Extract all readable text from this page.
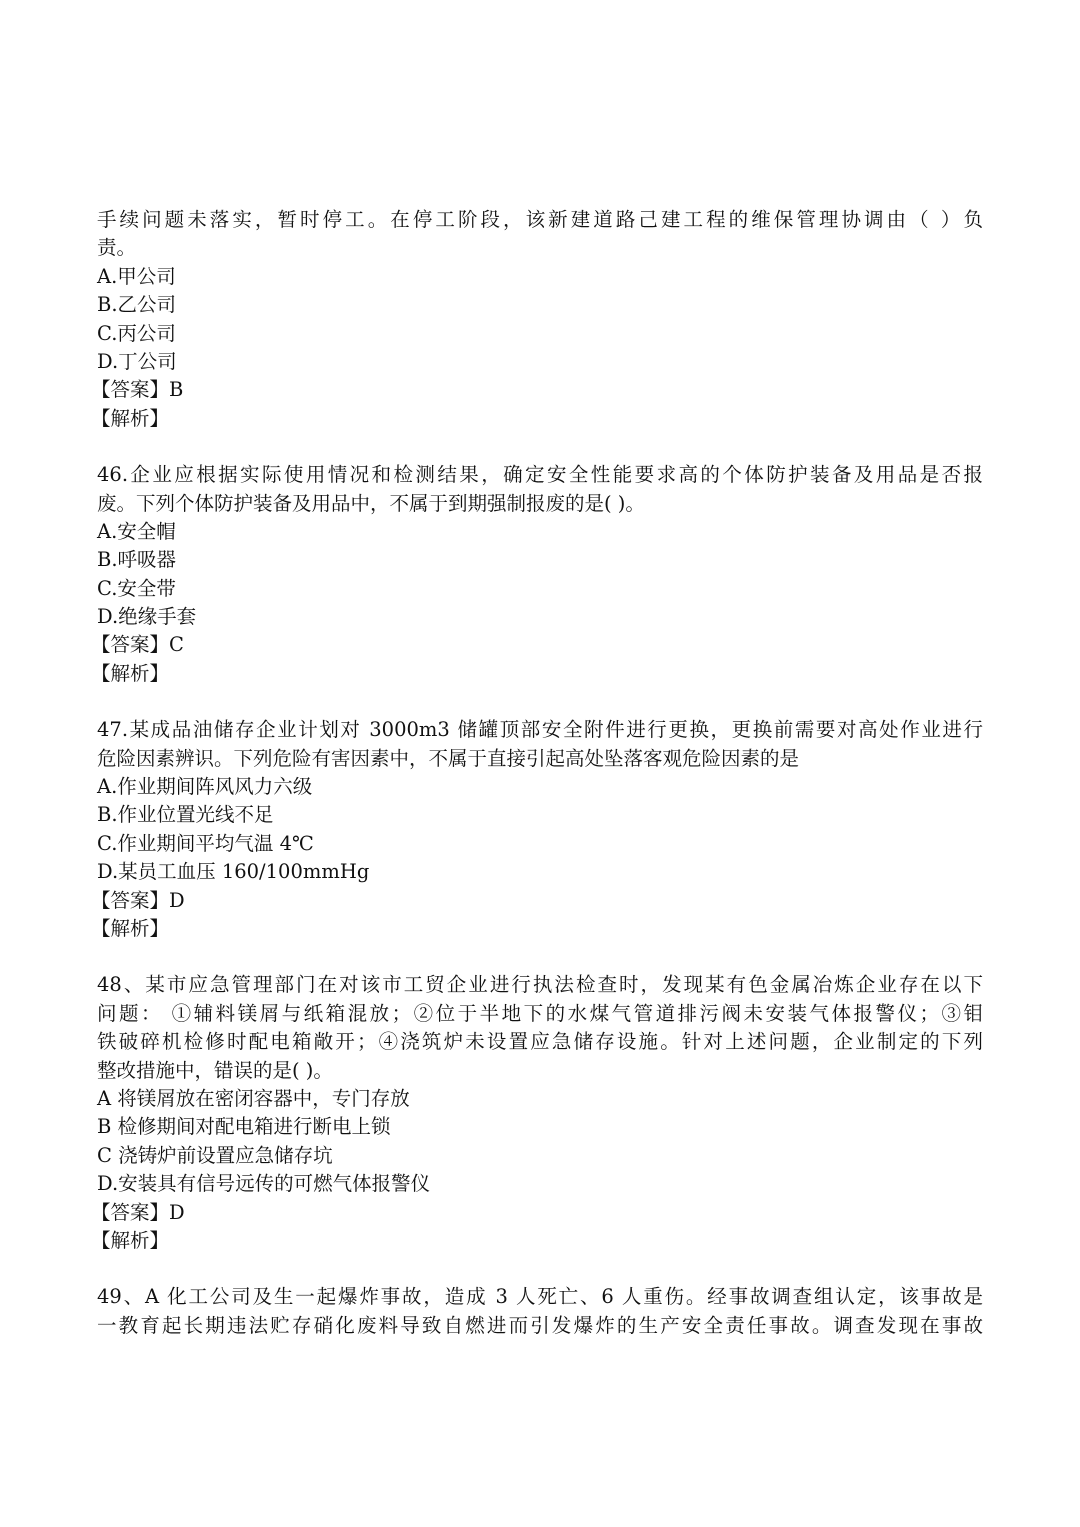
手续问题未落实，暂时停工。在停工阶段，该新建道路己建工程的维保管理协调由（ ）负
责。
A.甲公司
B.乙公司
C.丙公司
D.丁公司
【答案】B
【解析】
46.企业应根据实际使用情况和检测结果，确定安全性能要求高的个体防护装备及用品是否报
废。下列个体防护装备及用品中，不属于到期强制报废的是( )。
A.安全帽
B.呼吸器
C.安全带
D.绝缘手套
【答案】C
【解析】
47.某成品油储存企业计划对 3000m3 储罐顶部安全附件进行更换，更换前需要对高处作业进行
危险因素辨识。下列危险有害因素中，不属于直接引起高处坠落客观危险因素的是
A.作业期间阵风风力六级
B.作业位置光线不足
C.作业期间平均气温 4℃
D.某员工血压 160/100mmHg
【答案】D
【解析】
48、某市应急管理部门在对该市工贸企业进行执法检查时，发现某有色金属冶炼企业存在以下
问题： ①辅料镁屑与纸箱混放；②位于半地下的水煤气管道排污阀未安装气体报警仪；③钼
铁破碎机检修时配电箱敞开；④浇筑炉未设置应急储存设施。针对上述问题，企业制定的下列
整改措施中，错误的是( )。
A 将镁屑放在密闭容器中，专门存放
B 检修期间对配电箱进行断电上锁
C 浇铸炉前设置应急储存坑
D.安装具有信号远传的可燃气体报警仪
【答案】D
【解析】
49、A 化工公司及生一起爆炸事故，造成 3 人死亡、6 人重伤。经事故调查组认定，该事故是
一教育起长期违法贮存硝化废料导致自燃进而引发爆炸的生产安全责任事故。调查发现在事故
